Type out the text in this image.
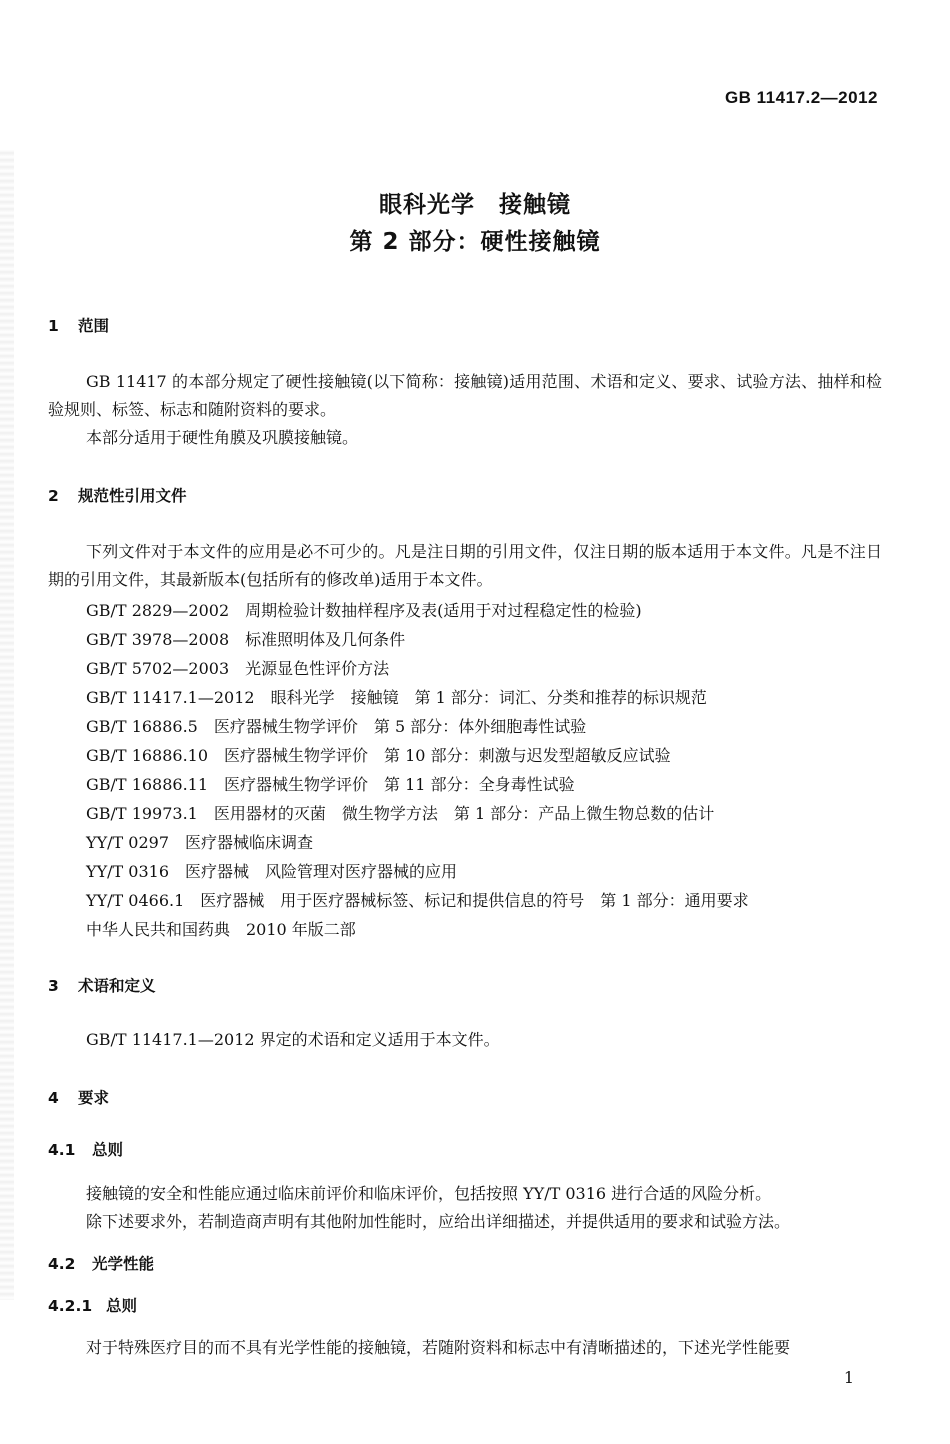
GB 11417.2—2012
眼科光学　接触镜
第 2 部分：硬性接触镜
1 范围

GB 11417 的本部分规定了硬性接触镜(以下简称：接触镜)适用范围、术语和定义、要求、试验方法、抽样和检验规则、标签、标志和随附资料的要求。

本部分适用于硬性角膜及巩膜接触镜。

2 规范性引用文件

下列文件对于本文件的应用是必不可少的。凡是注日期的引用文件，仅注日期的版本适用于本文件。凡是不注日期的引用文件，其最新版本(包括所有的修改单)适用于本文件。

GB/T 2829—2002　周期检验计数抽样程序及表(适用于对过程稳定性的检验)
GB/T 3978—2008　标准照明体及几何条件
GB/T 5702—2003　光源显色性评价方法
GB/T 11417.1—2012　眼科光学　接触镜　第 1 部分：词汇、分类和推荐的标识规范
GB/T 16886.5　医疗器械生物学评价　第 5 部分：体外细胞毒性试验
GB/T 16886.10　医疗器械生物学评价　第 10 部分：刺激与迟发型超敏反应试验
GB/T 16886.11　医疗器械生物学评价　第 11 部分：全身毒性试验
GB/T 19973.1　医用器材的灭菌　微生物学方法　第 1 部分：产品上微生物总数的估计
YY/T 0297　医疗器械临床调查
YY/T 0316　医疗器械　风险管理对医疗器械的应用
YY/T 0466.1　医疗器械　用于医疗器械标签、标记和提供信息的符号　第 1 部分：通用要求
中华人民共和国药典　2010 年版二部
3 术语和定义

GB/T 11417.1—2012 界定的术语和定义适用于本文件。

4 要求
4.1 总则

接触镜的安全和性能应通过临床前评价和临床评价，包括按照 YY/T 0316 进行合适的风险分析。

除下述要求外，若制造商声明有其他附加性能时，应给出详细描述，并提供适用的要求和试验方法。

4.2 光学性能
4.2.1 总则

对于特殊医疗目的而不具有光学性能的接触镜，若随附资料和标志中有清晰描述的，下述光学性能要

1
